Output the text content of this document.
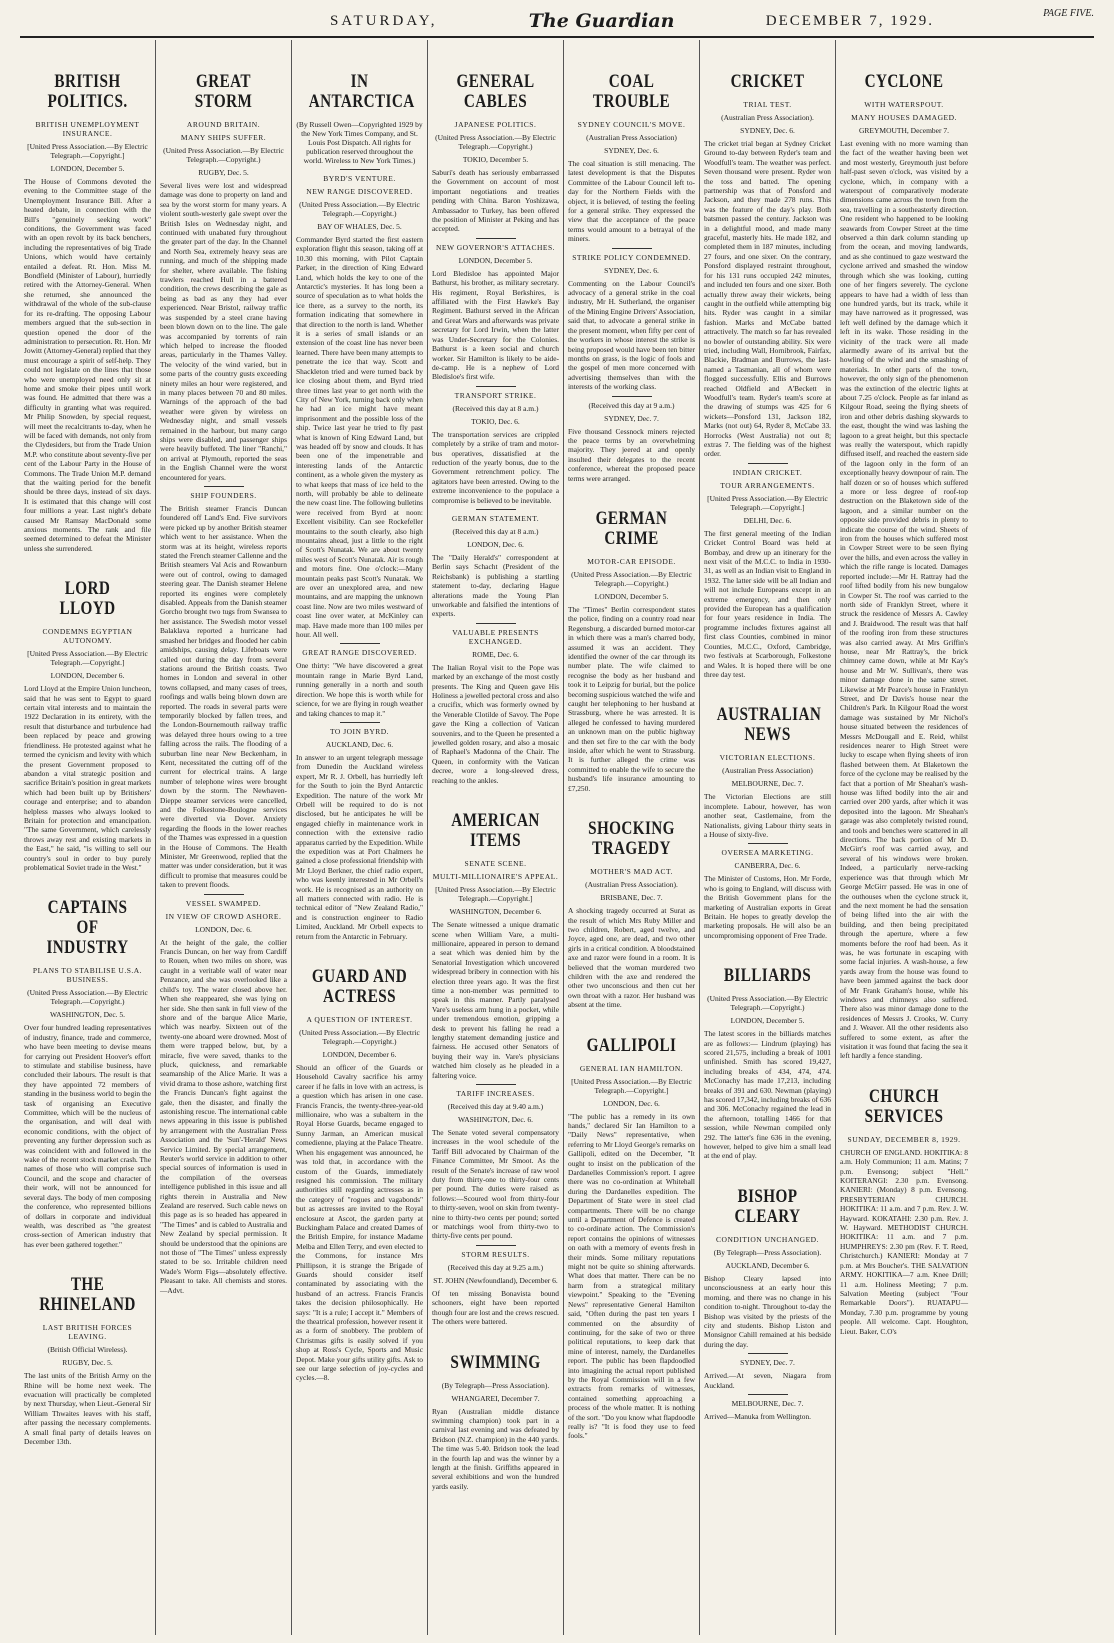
SATURDAY,	The Guardian	DECEMBER 7, 1929.	PAGE FIVE.
BRITISH POLITICS.
BRITISH UNEMPLOYMENT INSURANCE.
[United Press Association.—By Electric Telegraph.—Copyright.]
LONDON, December 5.

The House of Commons devoted the evening to the Committee stage of the Unemployment Insurance Bill. After a heated debate, in connection with the Bill's "genuinely seeking work" conditions, the Government was faced with an open revolt by its back benchers, including the representatives of big Trade Unions, which would have certainly entailed a defeat. Rt. Hon. Miss M. Bondfield (Minister of Labour), hurriedly retired with the Attorney-General. When she returned, she announced the withdrawal of the whole of the sub-clause for its re-drafting. The opposing Labour members argued that the sub-section in question opened the door of the administration to persecution. Rt. Hon. Mr Jowitt (Attorney-General) replied that they must encourage a spirit of self-help. They could not legislate on the lines that those who were unemployed need only sit at home and smoke their pipes until work was found. He admitted that there was a difficulty in granting what was required. Mr Philip Snowden, by special request, will meet the recalcitrants to-day, when he will be faced with demands, not only from the Clydesiders, but from the Trade Union M.P. who constitute about seventy-five per cent of the Labour Party in the House of Commons. The Trade Union M.P. demand that the waiting period for the benefit should be three days, instead of six days. It is estimated that this change will cost four millions a year. Last night's debate caused Mr Ramsay MacDonald some anxious moments. The rank and file seemed determined to defeat the Minister unless she surrendered.

LORD LLOYD
CONDEMNS EGYPTIAN AUTONOMY.
[United Press Association.—By Electric Telegraph.—Copyright.]
LONDON, December 6.

Lord Lloyd at the Empire Union luncheon, said that he was sent to Egypt to guard certain vital interests and to maintain the 1922 Declaration in its entirety, with the result that disturbance and turbulence had been replaced by peace and growing friendliness. He protested against what he termed the cynicism and levity with which the present Government proposed to abandon a vital strategic position and sacrifice Britain's position in great markets which had been built up by Britishers' courage and enterprise; and to abandon helpless masses who always looked to Britain for protection and emancipation. "The same Government, which carelessly throws away rest and existing markets in the East," he said, "is willing to sell our country's soul in order to buy purely problematical Soviet trade in the West."

CAPTAINS OF INDUSTRY
PLANS TO STABILISE U.S.A. BUSINESS.
(United Press Association.—By Electric Telegraph.—Copyright.)
WASHINGTON, Dec. 5.

Over four hundred leading representatives of industry, finance, trade and commerce, who have been meeting to devise means for carrying out President Hoover's effort to stimulate and stabilise business, have concluded their labours. The result is that they have appointed 72 members of standing in the business world to begin the task of organising an Executive Committee, which will be the nucleus of the organisation, and will deal with economic conditions, with the object of preventing any further depression such as was coincident with and followed in the wake of the recent stock market crash. The names of those who will comprise such Council, and the scope and character of their work, will not be announced for several days. The body of men composing the conference, who represented billions of dollars in corporate and individual wealth, was described as "the greatest cross-section of American industry that has ever been gathered together."

THE RHINELAND
LAST BRITISH FORCES LEAVING.
(British Official Wireless).
RUGBY, Dec. 5.

The last units of the British Army on the Rhine will be home next week. The evacuation will practically be completed by next Thursday, when Lieut.-General Sir William Thwaites leaves with his staff, after passing the necessary complements. A small final party of details leaves on December 13th.

GREAT STORM
AROUND BRITAIN.
MANY SHIPS SUFFER.
(United Press Association.—By Electric Telegraph.—Copyright.)
RUGBY, Dec. 5.

Several lives were lost and widespread damage was done to property on land and sea by the worst storm for many years. A violent south-westerly gale swept over the British Isles on Wednesday night, and continued with unabated fury throughout the greater part of the day. In the Channel and North Sea, extremely heavy seas are running, and much of the shipping made for shelter, where available. The fishing trawlers reached Hull in a battered condition, the crews describing the gale as being as bad as any they had ever experienced. Near Bristol, railway traffic was suspended by a steel crane having been blown down on to the line. The gale was accompanied by torrents of rain which helped to increase the flooded areas, particularly in the Thames Valley. The velocity of the wind varied, but in some parts of the country gusts exceeding ninety miles an hour were registered, and in many places between 70 and 80 miles. Warnings of the approach of the bad weather were given by wireless on Wednesday night, and small vessels remained in the harbour, but many cargo ships were disabled, and passenger ships were heavily buffeted. The liner "Ranchi," on arrival at Plymouth, reported the seas in the English Channel were the worst encountered for years.

SHIP FOUNDERS.

The British steamer Francis Duncan foundered off Land's End. Five survivors were picked up by another British steamer which went to her assistance. When the storm was at its height, wireless reports stated the French steamer Callenne and the British steamers Val Acis and Rowanburn were out of control, owing to damaged steering gear. The Danish steamer Helene reported its engines were completely disabled. Appeals from the Danish steamer Gorcho brought two tugs from Swansea to her assistance. The Swedish motor vessel Balaklava reported a hurricane had smashed her bridges and flooded her cabin amidships, causing delay. Lifeboats were called out during the day from several stations around the British coasts. Two homes in London and several in other towns collapsed, and many cases of trees, roofings and walls being blown down are reported. The roads in several parts were temporarily blocked by fallen trees, and the London-Bournemouth railway traffic was delayed three hours owing to a tree falling across the rails. The flooding of a suburban line near New Beckenham, in Kent, necessitated the cutting off of the current for electrical trains. A large number of telephone wires were brought down by the storm. The Newhaven-Dieppe steamer services were cancelled, and the Folkestone-Boulogne services were diverted via Dover. Anxiety regarding the floods in the lower reaches of the Thames was expressed in a question in the House of Commons. The Health Minister, Mr Greenwood, replied that the matter was under consideration, but it was difficult to promise that measures could be taken to prevent floods.

VESSEL SWAMPED.
IN VIEW OF CROWD ASHORE.
LONDON, Dec. 6.

At the height of the gale, the collier Francis Duncan, on her way from Cardiff to Rouen, when two miles on shore, was caught in a veritable wall of water near Penzance, and she was overlooked like a child's toy. The water closed above her. When she reappeared, she was lying on her side. She then sank in full view of the shore and of the barque Alice Marie, which was nearby. Sixteen out of the twenty-one aboard were drowned. Most of them were trapped below, but, by a miracle, five were saved, thanks to the pluck, quickness, and remarkable seamanship of the Alice Marie. It was a vivid drama to those ashore, watching first the Francis Duncan's fight against the gale, then the disaster, and finally the astonishing rescue. The international cable news appearing in this issue is published by arrangement with the Australian Press Association and the 'Sun'-'Herald' News Service Limited. By special arrangement, Reuter's world service in addition to other special sources of information is used in the compilation of the overseas intelligence published in this issue and all rights therein in Australia and New Zealand are reserved. Such cable news on this page as is so headed has appeared in "The Times" and is cabled to Australia and New Zealand by special permission. It should be understood that the opinions are not those of "The Times" unless expressly stated to be so. Irritable children need Wade's Worm Figs—absolutely effective. Pleasant to take. All chemists and stores.—Advt.

IN ANTARCTICA
(By Russell Owen—Copyrighted 1929 by the New York Times Company, and St. Louis Post Dispatch. All rights for publication reserved throughout the world. Wireless to New York Times.)
BYRD'S VENTURE.
NEW RANGE DISCOVERED.
(United Press Association.—By Electric Telegraph.—Copyright.)
BAY OF WHALES, Dec. 5.

Commander Byrd started the first eastern exploration flight this season, taking off at 10.30 this morning, with Pilot Captain Parker, in the direction of King Edward Land, which holds the key to one of the Antarctic's mysteries. It has long been a source of speculation as to what holds the ice there, as a survey to the north, its formation indicating that somewhere in that direction to the north is land. Whether it is a series of small islands or an extension of the coast line has never been learned. There have been many attempts to penetrate the ice that way. Scott and Shackleton tried and were turned back by ice closing about them, and Byrd tried three times last year to get north with the City of New York, turning back only when he had an ice might have meant imprisonment and the possible loss of the ship. Twice last year he tried to fly past what is known of King Edward Land, but was headed off by snow and clouds. It has been one of the impenetrable and interesting lands of the Antarctic continent, as a whole given the mystery as to what keeps that mass of ice held to the north, will probably be able to delineate the new coast line. The following bulletins were received from Byrd at noon: Excellent visibility. Can see Rockefeller mountains to the south clearly, also high mountains ahead, just a little to the right of Scott's Nunatak. We are about twenty miles west of Scott's Nunatak. Air is rough and motors fine. One o'clock:—Many mountain peaks past Scott's Nunatak. We are over an unexplored area, and new mountains, and are mapping the unknown coast line. Now are two miles westward of coast line over water, at McKinley can map. Have made more than 100 miles per hour. All well.

GREAT RANGE DISCOVERED.

One thirty: "We have discovered a great mountain range in Marie Byrd Land, running generally in a north and south direction. We hope this is worth while for science, for we are flying in rough weather and taking chances to map it."

TO JOIN BYRD.
AUCKLAND, Dec. 6.

In answer to an urgent telegraph message from Dunedin the Auckland wireless expert, Mr R. J. Orbell, has hurriedly left for the South to join the Byrd Antarctic Expedition. The nature of the work Mr Orbell will be required to do is not disclosed, but he anticipates he will be engaged chiefly in maintenance work in connection with the extensive radio apparatus carried by the Expedition. While the expedition was at Port Chalmers he gained a close professional friendship with Mr Lloyd Berkner, the chief radio expert, who was keenly interested in Mr Orbell's work. He is recognised as an authority on all matters connected with radio. He is technical editor of "New Zealand Radio," and is construction engineer to Radio Limited, Auckland. Mr Orbell expects to return from the Antarctic in February.

GUARD AND ACTRESS
A QUESTION OF INTEREST.
(United Press Association.—By Electric Telegraph.—Copyright.)
LONDON, December 6.

Should an officer of the Guards or Household Cavalry sacrifice his army career if he falls in love with an actress, is a question which has arisen in one case. Francis Francis, the twenty-three-year-old millionaire, who was a subaltern in the Royal Horse Guards, became engaged to Sunny Jarman, an American musical comedienne, playing at the Palace Theatre. When his engagement was announced, he was told that, in accordance with the custom of the Guards, immediately resigned his commission. The military authorities still regarding actresses as in the category of "rogues and vagabonds" but as actresses are invited to the Royal enclosure at Ascot, the garden party at Buckingham Palace and created Dames of the British Empire, for instance Madame Melba and Ellen Terry, and even elected to the Commons, for instance Mrs Phillipson, it is strange the Brigade of Guards should consider itself contaminated by associating with the husband of an actress. Francis Francis takes the decision philosophically. He says: "It is a rule; I accept it." Members of the theatrical profession, however resent it as a form of snobbery. The problem of Christmas gifts is easily solved if you shop at Ross's Cycle, Sports and Music Depot. Make your gifts utility gifts. Ask to see our large selection of joy-cycles and cycles.—8.

GENERAL CABLES
JAPANESE POLITICS.
(United Press Association.—By Electric Telegraph.—Copyright.)
TOKIO, December 5.

Saburi's death has seriously embarrassed the Government on account of most important negotiations and treaties pending with China. Baron Yoshizawa, Ambassador to Turkey, has been offered the position of Minister at Peking and has accepted.

NEW GOVERNOR'S ATTACHES.
LONDON, December 5.

Lord Bledisloe has appointed Major Bathurst, his brother, as military secretary. His regiment, Royal Berkshires, is affiliated with the First Hawke's Bay Regiment. Bathurst served in the African and Great Wars and afterwards was private secretary for Lord Irwin, when the latter was Under-Secretary for the Colonies. Bathurst is a keen social and church worker. Sir Hamilton is likely to be aide-de-camp. He is a nephew of Lord Bledisloe's first wife.

TRANSPORT STRIKE.
(Received this day at 8 a.m.)
TOKIO, Dec. 6.

The transportation services are crippled completely by a strike of tram and motor-bus operatives, dissatisfied at the reduction of the yearly bonus, due to the Government retrenchment policy. The agitators have been arrested. Owing to the extreme inconvenience to the populace a compromise is believed to be inevitable.

GERMAN STATEMENT.
(Received this day at 8 a.m.)
LONDON, Dec. 6.

The "Daily Herald's" correspondent at Berlin says Schacht (President of the Reichsbank) is publishing a startling statement to-day, declaring Hague alterations made the Young Plan unworkable and falsified the intentions of experts.

VALUABLE PRESENTS EXCHANGED.
ROME, Dec. 6.

The Italian Royal visit to the Pope was marked by an exchange of the most costly presents. The King and Queen gave His Holiness a jewelled pectoral cross and also a crucifix, which was formerly owned by the Venerable Clotilde of Savoy. The Pope gave the King a collection of Vatican souvenirs, and to the Queen he presented a jewelled golden rosary, and also a mosaic of Raphael's Madonna of the Chair. The Queen, in conformity with the Vatican decree, wore a long-sleeved dress, reaching to the ankles.

AMERICAN ITEMS
SENATE SCENE.
MULTI-MILLIONAIRE'S APPEAL.
[United Press Association.—By Electric Telegraph.—Copyright.]
WASHINGTON, December 6.

The Senate witnessed a unique dramatic scene when William Vare, a multi-millionaire, appeared in person to demand a seat which was denied him by the Senatorial Investigation which uncovered widespread bribery in connection with his election three years ago. It was the first time a non-member was permitted to speak in this manner. Partly paralysed Vare's useless arm hung in a pocket, while under tremendous emotion, gripping a desk to prevent his falling he read a lengthy statement demanding justice and fairness. He accused other Senators of buying their way in. Vare's physicians watched him closely as he pleaded in a faltering voice.

TARIFF INCREASES.
(Received this day at 9.40 a.m.)
WASHINGTON, Dec. 6.

The Senate voted several compensatory increases in the wool schedule of the Tariff Bill advocated by Chairman of the Finance Committee, Mr Smoot. As the result of the Senate's increase of raw wool duty from thirty-one to thirty-four cents per pound. The duties were raised as follows:—Scoured wool from thirty-four to thirty-seven, wool on skin from twenty-nine to thirty-two cents per pound; sorted or matchings wool from thirty-two to thirty-five cents per pound.

STORM RESULTS.
(Received this day at 9.25 a.m.)
ST. JOHN (Newfoundland), December 6.

Of ten missing Bonavista bound schooners, eight have been reported though four are lost and the crews rescued. The others were battered.

SWIMMING
(By Telegraph—Press Association).
WHANGAREI, December 7.

Ryan (Australian middle distance swimming champion) took part in a carnival last evening and was defeated by Bridson (N.Z. champion) in the 440 yards. The time was 5.40. Bridson took the lead in the fourth lap and was the winner by a length at the finish. Griffiths appeared in several exhibitions and won the hundred yards easily.

COAL TROUBLE
SYDNEY COUNCIL'S MOVE.
(Australian Press Association)
SYDNEY, Dec. 6.

The coal situation is still menacing. The latest development is that the Disputes Committee of the Labour Council left to-day for the Northern Fields with the object, it is believed, of testing the feeling for a general strike. They expressed the view that the acceptance of the peace terms would amount to a betrayal of the miners.

STRIKE POLICY CONDEMNED.
SYDNEY, Dec. 6.

Commenting on the Labour Council's advocacy of a general strike in the coal industry, Mr H. Sutherland, the organiser of the Mining Engine Drivers' Association, said that, to advocate a general strike in the present moment, when fifty per cent of the workers in whose interest the strike is being proposed would have been ten bitter months on grass, is the logic of fools and the gospel of men more concerned with advertising themselves than with the interests of the working class.

(Received this day at 9 a.m.)
SYDNEY, Dec. 7.

Five thousand Cessnock miners rejected the peace terms by an overwhelming majority. They jeered at and openly insulted their delegates to the recent conference, whereat the proposed peace terms were arranged.

GERMAN CRIME
MOTOR-CAR EPISODE.
(United Press Association.—By Electric Telegraph.—Copyright.)
LONDON, December 5.

The "Times" Berlin correspondent states the police, finding on a country road near Regensburg, a discarded burned motor-car in which there was a man's charred body, assumed it was an accident. They identified the owner of the car through its number plate. The wife claimed to recognise the body as her husband and took it to Leipzig for burial, but the police becoming suspicious watched the wife and caught her telephoning to her husband at Strassburg, where he was arrested. It is alleged he confessed to having murdered an unknown man on the public highway and then set fire to the car with the body inside, after which he went to Strassburg. It is further alleged the crime was committed to enable the wife to secure the husband's life insurance amounting to £7,250.

SHOCKING TRAGEDY
MOTHER'S MAD ACT.
(Australian Press Association).
BRISBANE, Dec. 7.

A shocking tragedy occurred at Surat as the result of which Mrs Ruby Miller and two children, Robert, aged twelve, and Joyce, aged one, are dead, and two other girls in a critical condition. A bloodstained axe and razor were found in a room. It is believed that the woman murdered two children with the axe and rendered the other two unconscious and then cut her own throat with a razor. Her husband was absent at the time.

GALLIPOLI
GENERAL IAN HAMILTON.
[United Press Association.—By Electric Telegraph.—Copyright.]
LONDON, Dec. 6.

"The public has a remedy in its own hands," declared Sir Ian Hamilton to a "Daily News" representative, when referring to Mr Lloyd George's remarks on Gallipoli, edited on the December, "It ought to insist on the publication of the Dardanelles Commission's report. I agree there was no co-ordination at Whitehall during the Dardanelles expedition. The Department of State were in steel clad compartments. There will be no change until a Department of Defence is created to co-ordinate action. The Commission's report contains the opinions of witnesses on oath with a memory of events fresh in their minds. Some military reputations might not be quite so shining afterwards. What does that matter. There can be no harm from a strategical military viewpoint." Speaking to the "Evening News" representative General Hamilton said, "Often during the past ten years I commented on the absurdity of continuing, for the sake of two or three political reputations, to keep dark that mine of interest, namely, the Dardanelles report. The public has been flapdoodled into imagining the actual report published by the Royal Commission will in a few extracts from remarks of witnesses, contained something approaching a process of the whole matter. It is nothing of the sort. "Do you know what flapdoodle really is? "It is food they use to feed fools."

CRICKET
TRIAL TEST.
(Australian Press Association).
SYDNEY, Dec. 6.

The cricket trial began at Sydney Cricket Ground to-day between Ryder's team and Woodfull's team. The weather was perfect. Seven thousand were present. Ryder won the toss and batted. The opening partnership was that of Ponsford and Jackson, and they made 278 runs. This was the feature of the day's play. Both batsmen passed the century. Jackson was in a delightful mood, and made many graceful, masterly hits. He made 182, and completed them in 187 minutes, including 27 fours, and one sixer. On the contrary, Ponsford displayed restraint throughout, for his 131 runs occupied 242 minutes, and included ten fours and one sixer. Both actually threw away their wickets, being caught in the outfield while attempting big hits. Ryder was caught in a similar fashion. Marks and McCabe batted attractively. The match so far has revealed no bowler of outstanding ability. Six were tried, including Wall, Hornibrook, Fairfax, Blackie, Bradman and Burrows, the last-named a Tasmanian, all of whom were flogged successfully. Ellis and Burrows reached Oldfield and A'Beckett in Woodfull's team. Ryder's team's score at the drawing of stumps was 425 for 6 wickets—Ponsford 131, Jackson 182, Marks (not out) 64, Ryder 8, McCabe 33. Horrocks (West Australia) not out 8; extras 7. The fielding was of the highest order.

INDIAN CRICKET.
TOUR ARRANGEMENTS.
[United Press Association.—By Electric Telegraph.—Copyright.]
DELHI, Dec. 6.

The first general meeting of the Indian Cricket Control Board was held at Bombay, and drew up an itinerary for the next visit of the M.C.C. to India in 1930-31, as well as an Indian visit to England in 1932. The latter side will be all Indian and will not include Europeans except in an extreme emergency, and then only provided the European has a qualification for four years residence in India. The programme includes fixtures against all first class Counties, combined in minor Counties, M.C.C., Oxford, Cambridge, two festivals at Scarborough, Folkestone and Wales. It is hoped there will be one three day test.

AUSTRALIAN NEWS
VICTORIAN ELECTIONS.
(Australian Press Association)
MELBOURNE, Dec. 7.

The Victorian Elections are still incomplete. Labour, however, has won another seat, Castlemaine, from the Nationalists, giving Labour thirty seats in a House of sixty-five.

OVERSEA MARKETING.
CANBERRA, Dec. 6.

The Minister of Customs, Hon. Mr Forde, who is going to England, will discuss with the British Government plans for the marketing of Australian exports in Great Britain. He hopes to greatly develop the marketing proposals. He will also be an uncompromising opponent of Free Trade.

BILLIARDS
(United Press Association.—By Electric Telegraph.—Copyright.)
LONDON, December 5.

The latest scores in the billiards matches are as follows:— Lindrum (playing) has scored 21,575, including a break of 1001 unfinished. Smith has scored 19,427, including breaks of 434, 474, 474. McConachy has made 17,213, including breaks of 391 and 630. Newman (playing) has scored 17,342, including breaks of 636 and 306. McConachy regained the lead in the afternoon, totalling 1466 for that session, while Newman compiled only 292. The latter's fine 636 in the evening, however, helped to give him a small lead at the end of play.

BISHOP CLEARY
CONDITION UNCHANGED.
(By Telegraph—Press Association).
AUCKLAND, December 6.

Bishop Cleary lapsed into unconsciousness at an early hour this morning, and there was no change in his condition to-night. Throughout to-day the Bishop was visited by the priests of the city and students. Bishop Liston and Monsignor Cahill remained at his bedside during the day.

SYDNEY, Dec. 7.

Arrived.—At seven, Niagara from Auckland.

MELBOURNE, Dec. 7.

Arrived—Manuka from Wellington.

CYCLONE
WITH WATERSPOUT.
MANY HOUSES DAMAGED.
GREYMOUTH, December 7.

Last evening with no more warning than the fact of the weather having been wet and most westerly, Greymouth just before half-past seven o'clock, was visited by a cyclone, which, in company with a waterspout of comparatively moderate dimensions came across the town from the sea, travelling in a southeasterly direction. One resident who happened to be looking seawards from Cowper Street at the time observed a thin dark column standing up from the ocean, and moving landwards, and as she continued to gaze westward the cyclone arrived and smashed the window through which she was looking, cutting one of her fingers severely. The cyclone appears to have had a width of less than one hundred yards, but its track, while it may have narrowed as it progressed, was left well defined by the damage which it left in its wake. Those residing in the vicinity of the track were all made alarmedly aware of its arrival but the howling of the wind and the smashing of materials. In other parts of the town, however, the only sign of the phenomenon was the extinction of the electric lights at about 7.25 o'clock. People as far inland as Kilgour Road, seeing the flying sheets of iron and other debris dashing skywards to the east, thought the wind was lashing the lagoon to a great height, but this spectacle was really the waterspout, which rapidly diffused itself, and reached the eastern side of the lagoon only in the form of an exceptionally heavy downpour of rain. The half dozen or so of houses which suffered a more or less degree of roof-top destruction on the Blaketown side of the lagoon, and a similar number on the opposite side provided debris in plenty to indicate the course of the wind. Sheets of iron from the houses which suffered most in Cowper Street were to be seen flying over the hills, and even across the valley in which the rifle range is located. Damages reported include:—Mr H. Rattray had the roof lifted bodily from his new bungalow in Cowper St. The roof was carried to the north side of Franklyn Street, where it struck the residence of Messrs A. Cawley and J. Braidwood. The result was that half of the roofing iron from these structures was also carried away. At Mrs Griffin's house, near Mr Rattray's, the brick chimney came down, while at Mr Kay's house and Mr W. Sullivan's, there was minor damage done in the same street. Likewise at Mr Pearce's house in Franklyn Street, and Dr Davis's house near the Children's Park. In Kilgour Road the worst damage was sustained by Mr Nichol's house situated between the residences of Messrs McDougall and E. Reid, whilst residences nearer to High Street were lucky to escape when flying sheets of iron flashed between them. At Blaketown the force of the cyclone may be realised by the fact that a portion of Mr Sheahan's wash-house was lifted bodily into the air and carried over 200 yards, after which it was deposited into the lagoon. Mr Sheahan's garage was also completely twisted round, and tools and benches were scattered in all directions. The back portion of Mr D. McGirr's roof was carried away, and several of his windows were broken. Indeed, a particularly nerve-racking experience was that through which Mr George McGirr passed. He was in one of the outhouses when the cyclone struck it, and the next moment he had the sensation of being lifted into the air with the building, and then being precipitated through the aperture, where a few moments before the roof had been. As it was, he was fortunate in escaping with some facial injuries. A wash-house, a few yards away from the house was found to have been jammed against the back door of Mr Frank Graham's house, while his windows and chimneys also suffered. There also was minor damage done to the residences of Messrs J. Crooks, W. Curry and J. Weaver. All the other residents also suffered to some extent, as after the visitation it was found that facing the sea it left hardly a fence standing.

CHURCH SERVICES
SUNDAY, DECEMBER 8, 1929.

CHURCH OF ENGLAND. HOKITIKA: 8 a.m. Holy Communion; 11 a.m. Matins; 7 p.m. Evensong; subject "Hell." KOITERANGI: 2.30 p.m. Evensong. KANIERI: (Monday) 8 p.m. Evensong. PRESBYTERIAN CHURCH. HOKITIKA: 11 a.m. and 7 p.m. Rev. J. W. Hayward. KOKATAHI: 2.30 p.m. Rev. J. W. Hayward. METHODIST CHURCH. HOKITIKA: 11 a.m. and 7 p.m. HUMPHREYS: 2.30 pm (Rev. F. T. Reed, Christchurch.) KANIERI: Monday at 7 p.m. at Mrs Boucher's. THE SALVATION ARMY. HOKITIKA—7 a.m. Knee Drill; 11 a.m. Holiness Meeting; 7 p.m. Salvation Meeting (subject "Four Remarkable Doors"). RUATAPU—Monday, 7.30 p.m. programme by young people. All welcome. Capt. Houghton, Lieut. Baker, C.O's
